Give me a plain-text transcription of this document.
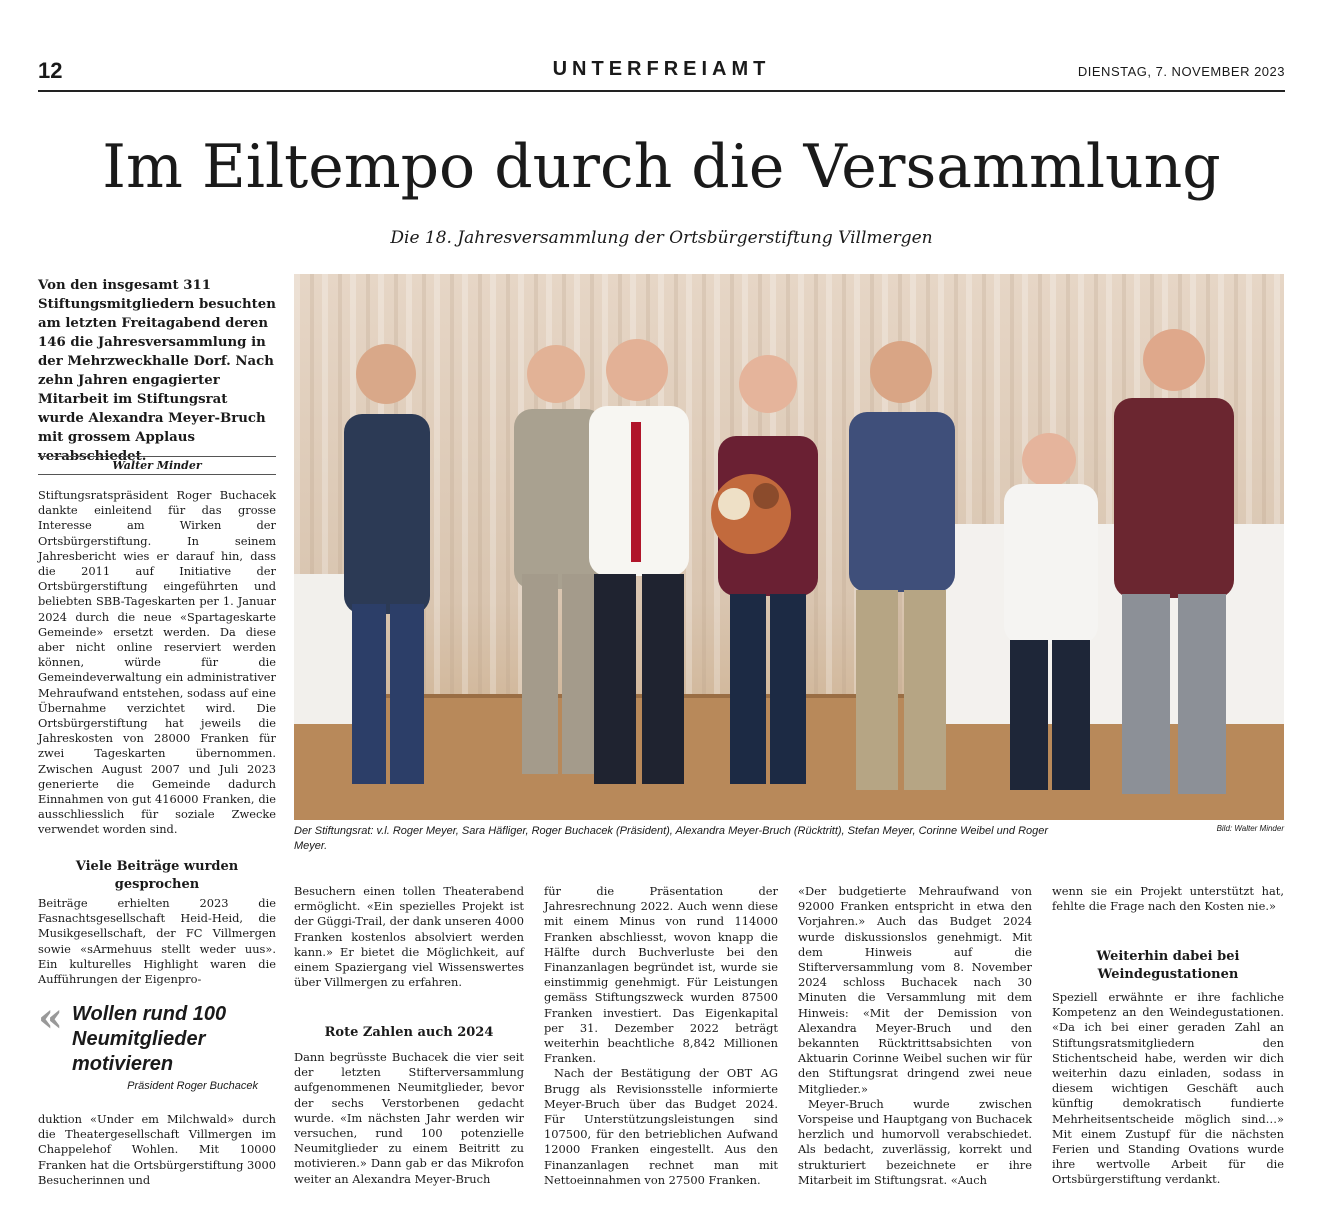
12	UNTERFREIAMT	DIENSTAG, 7. NOVEMBER 2023
Im Eiltempo durch die Versammlung
Die 18. Jahresversammlung der Ortsbürgerstiftung Villmergen
Von den insgesamt 311 Stiftungsmitgliedern besuchten am letzten Freitagabend deren 146 die Jahresversammlung in der Mehrzweckhalle Dorf. Nach zehn Jahren engagierter Mitarbeit im Stiftungsrat wurde Alexandra Meyer-Bruch mit grossem Applaus verabschiedet.
Walter Minder
Stiftungsratspräsident Roger Buchacek dankte einleitend für das grosse Interesse am Wirken der Ortsbürgerstiftung. In seinem Jahresbericht wies er darauf hin, dass die 2011 auf Initiative der Ortsbürgerstiftung eingeführten und beliebten SBB-Tageskarten per 1. Januar 2024 durch die neue «Spartageskarte Gemeinde» ersetzt werden. Da diese aber nicht online reserviert werden können, würde für die Gemeindeverwaltung ein administrativer Mehraufwand entstehen, sodass auf eine Übernahme verzichtet wird. Die Ortsbürgerstiftung hat jeweils die Jahreskosten von 28000 Franken für zwei Tageskarten übernommen. Zwischen August 2007 und Juli 2023 generierte die Gemeinde dadurch Einnahmen von gut 416000 Franken, die ausschliesslich für soziale Zwecke verwendet worden sind.	Der Stiftungsrat: v.l. Roger Meyer, Sara Häfliger, Roger Buchacek (Präsident), Alexandra Meyer-Bruch (Rücktritt), Stefan Meyer, Corinne Weibel und Roger Meyer.
Bild: Walter Minder
Viele Beiträge wurden gesprochen
Beiträge erhielten 2023 die Fasnachtsgesellschaft Heid-Heid, die Musikgesellschaft, der FC Villmergen sowie «sArmehuus stellt weder uus». Ein kulturelles Highlight waren die Aufführungen der Eigenpro-
« Wollen rund 100 Neumitglieder motivieren
Präsident Roger Buchacek
duktion «Under em Milchwald» durch die Theatergesellschaft Villmergen im Chappelehof Wohlen. Mit 10000 Franken hat die Ortsbürgerstiftung 3000 Besucherinnen und
Besuchern einen tollen Theaterabend ermöglicht. «Ein spezielles Projekt ist der Güggi-Trail, der dank unseren 4000 Franken kostenlos absolviert werden kann.» Er bietet die Möglichkeit, auf einem Spaziergang viel Wissenswertes über Villmergen zu erfahren.
Rote Zahlen auch 2024
Dann begrüsste Buchacek die vier seit der letzten Stifterversammlung aufgenommenen Neumitglieder, bevor der sechs Verstorbenen gedacht wurde. «Im nächsten Jahr werden wir versuchen, rund 100 potenzielle Neumitglieder zu einem Beitritt zu motivieren.» Dann gab er das Mikrofon weiter an Alexandra Meyer-Bruch

für die Präsentation der Jahresrechnung 2022. Auch wenn diese mit einem Minus von rund 114000 Franken abschliesst, wovon knapp die Hälfte durch Buchverluste bei den Finanzanlagen begründet ist, wurde sie einstimmig genehmigt. Für Leistungen gemäss Stiftungszweck wurden 87500 Franken investiert. Das Eigenkapital per 31. Dezember 2022 beträgt weiterhin beachtliche 8,842 Millionen Franken.

Nach der Bestätigung der OBT AG Brugg als Revisionsstelle informierte Meyer-Bruch über das Budget 2024. Für Unterstützungsleistungen sind 107500, für den betrieblichen Aufwand 12000 Franken eingestellt. Aus den Finanzanlagen rechnet man mit Nettoeinnahmen von 27500 Franken.

«Der budgetierte Mehraufwand von 92000 Franken entspricht in etwa den Vorjahren.» Auch das Budget 2024 wurde diskussionslos genehmigt. Mit dem Hinweis auf die Stifterversammlung vom 8. November 2024 schloss Buchacek nach 30 Minuten die Versammlung mit dem Hinweis: «Mit der Demission von Alexandra Meyer-Bruch und den bekannten Rücktrittsabsichten von Aktuarin Corinne Weibel suchen wir für den Stiftungsrat dringend zwei neue Mitglieder.»

Meyer-Bruch wurde zwischen Vorspeise und Hauptgang von Buchacek herzlich und humorvoll verabschiedet. Als bedacht, zuverlässig, korrekt und strukturiert bezeichnete er ihre Mitarbeit im Stiftungsrat. «Auch

wenn sie ein Projekt unterstützt hat, fehlte die Frage nach den Kosten nie.»
Weiterhin dabei bei Weindegustationen
Speziell erwähnte er ihre fachliche Kompetenz an den Weindegustationen. «Da ich bei einer geraden Zahl an Stiftungsratsmitgliedern den Stichentscheid habe, werden wir dich weiterhin dazu einladen, sodass in diesem wichtigen Geschäft auch künftig demokratisch fundierte Mehrheitsentscheide möglich sind…» Mit einem Zustupf für die nächsten Ferien und Standing Ovations wurde ihre wertvolle Arbeit für die Ortsbürgerstiftung verdankt.
